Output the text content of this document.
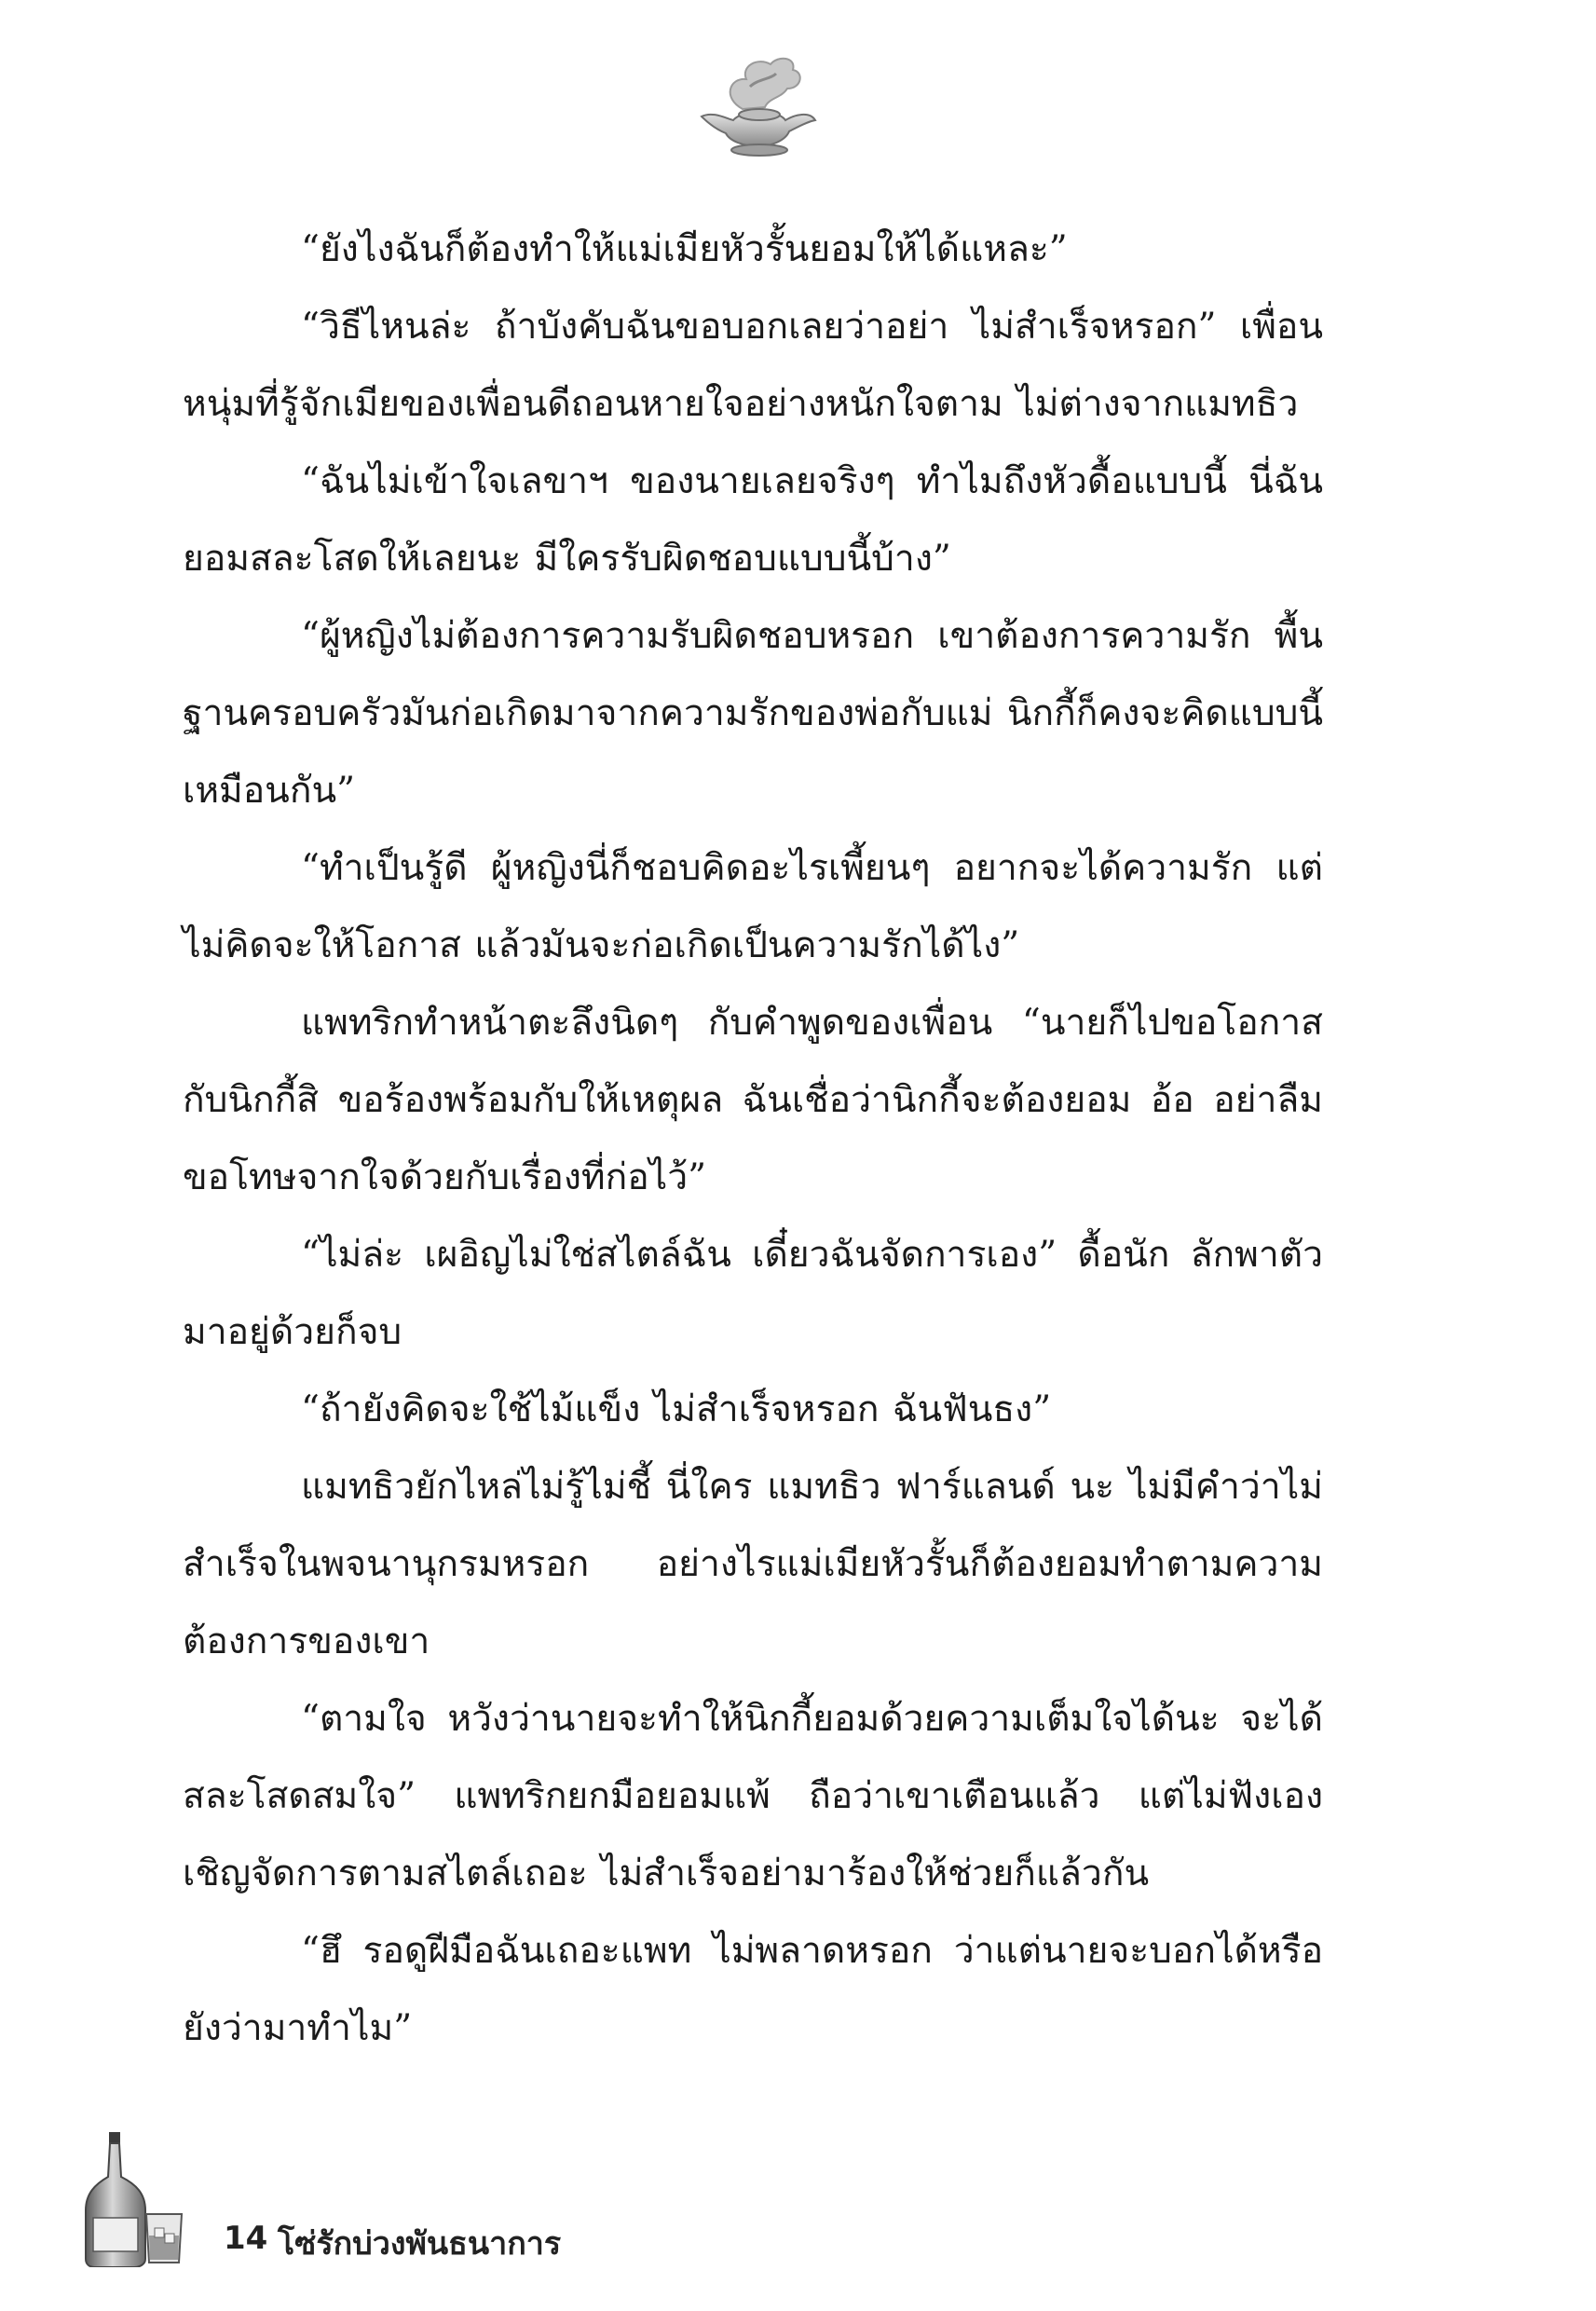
“ยังไงฉันก็ต้องทำให้แม่เมียหัวรั้นยอมให้ได้แหละ”

“วิธีไหนล่ะ ถ้าบังคับฉันขอบอกเลยว่าอย่า ไม่สำเร็จหรอก” เพื่อนหนุ่มที่รู้จักเมียของเพื่อนดีถอนหายใจอย่างหนักใจตาม ไม่ต่างจากแมทธิว

“ฉันไม่เข้าใจเลขาฯ ของนายเลยจริงๆ ทำไมถึงหัวดื้อแบบนี้ นี่ฉันยอมสละโสดให้เลยนะ มีใครรับผิดชอบแบบนี้บ้าง”

“ผู้หญิงไม่ต้องการความรับผิดชอบหรอก เขาต้องการความรัก พื้นฐานครอบครัวมันก่อเกิดมาจากความรักของพ่อกับแม่ นิกกี้ก็คงจะคิดแบบนี้เหมือนกัน”

“ทำเป็นรู้ดี ผู้หญิงนี่ก็ชอบคิดอะไรเพี้ยนๆ อยากจะได้ความรัก แต่ไม่คิดจะให้โอกาส แล้วมันจะก่อเกิดเป็นความรักได้ไง”

แพทริกทำหน้าตะลึงนิดๆ กับคำพูดของเพื่อน “นายก็ไปขอโอกาสกับนิกกี้สิ ขอร้องพร้อมกับให้เหตุผล ฉันเชื่อว่านิกกี้จะต้องยอม อ้อ อย่าลืมขอโทษจากใจด้วยกับเรื่องที่ก่อไว้”

“ไม่ล่ะ เผอิญไม่ใช่สไตล์ฉัน เดี๋ยวฉันจัดการเอง” ดื้อนัก ลักพาตัวมาอยู่ด้วยก็จบ

“ถ้ายังคิดจะใช้ไม้แข็ง ไม่สำเร็จหรอก ฉันฟันธง”

แมทธิวยักไหล่ไม่รู้ไม่ชี้ นี่ใคร แมทธิว ฟาร์แลนด์ นะ ไม่มีคำว่าไม่สำเร็จในพจนานุกรมหรอก อย่างไรแม่เมียหัวรั้นก็ต้องยอมทำตามความต้องการของเขา

“ตามใจ หวังว่านายจะทำให้นิกกี้ยอมด้วยความเต็มใจได้นะ จะได้สละโสดสมใจ” แพทริกยกมือยอมแพ้ ถือว่าเขาเตือนแล้ว แต่ไม่ฟังเอง เชิญจัดการตามสไตล์เถอะ ไม่สำเร็จอย่ามาร้องให้ช่วยก็แล้วกัน

“ฮึ รอดูฝีมือฉันเถอะแพท ไม่พลาดหรอก ว่าแต่นายจะบอกได้หรือยังว่ามาทำไม”

14 โซ่รักบ่วงพันธนาการ
